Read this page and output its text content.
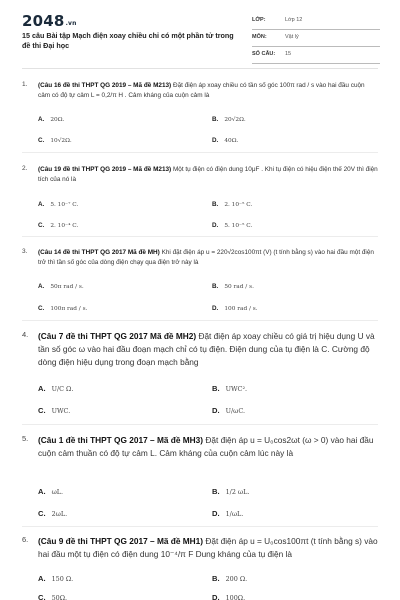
2048.vn
15 câu Bài tập Mạch điện xoay chiều chỉ có một phần tử trong đề thi Đại học
LỚP:	Lớp 12
MÔN:	Vật lý
SỐ CÂU: 15
1. (Câu 16 đề thi THPT QG 2019 – Mã đề M213) Đặt điện áp xoay chiều có tần số góc 100π rad / s vào hai đầu cuộn cảm có độ tự cảm L = 0,2/π H . Cảm kháng của cuộn cảm là
A. 20Ω.	B. 20√2Ω.
C. 10√2Ω.	D. 40Ω.
2. (Câu 19 đề thi THPT QG 2019 – Mã đề M213) Một tụ điện có điện dung 10μF . Khi tụ điện có hiệu điện thế 20V thì điện tích của nó là
A. 5. 10⁻⁷ C.	B. 2. 10⁻⁵ C.
C. 2. 10⁻⁴ C.	D. 5. 10⁻⁵ C.
3. (Câu 14 đề thi THPT QG 2017 Mã đề MH) Khi đặt điện áp u = 220√2cos100πt (V) (t tính bằng s) vào hai đầu một điện trở thì tần số góc của dòng điện chạy qua điện trở này là
A. 50π rad / s.	B. 50 rad / s.
C. 100π rad / s.	D. 100 rad / s.
4. (Câu 7 đề thi THPT QG 2017 Mã đề MH2) Đặt điện áp xoay chiều có giá trị hiệu dụng U và tần số góc ω vào hai đầu đoạn mạch chỉ có tụ điện. Điện dung của tụ điện là C. Cường độ dòng điện hiệu dụng trong đoạn mạch bằng
A. U/C Ω.	B. UWC².
C. UWC.	D. U/ωC.
5. (Câu 1 đề thi THPT QG 2017 – Mã đề MH3) Đặt điện áp u = U₀cos2ωt (ω > 0) vào hai đầu cuộn cảm thuần có độ tự cảm L. Cảm kháng của cuộn cảm lúc này là
A. ωL.	B. 1/2 ωL.
C. 2ωL.	D. 1/ωL.
6. (Câu 9 đề thi THPT QG 2017 – Mã đề MH1) Đặt điện áp u = U₀cos100πt (t tính bằng s) vào hai đầu một tụ điện có điện dung 10⁻⁴/π F Dung kháng của tụ điện là
A. 150 Ω.	B. 200 Ω.
C. 50Ω.	D. 100Ω.
